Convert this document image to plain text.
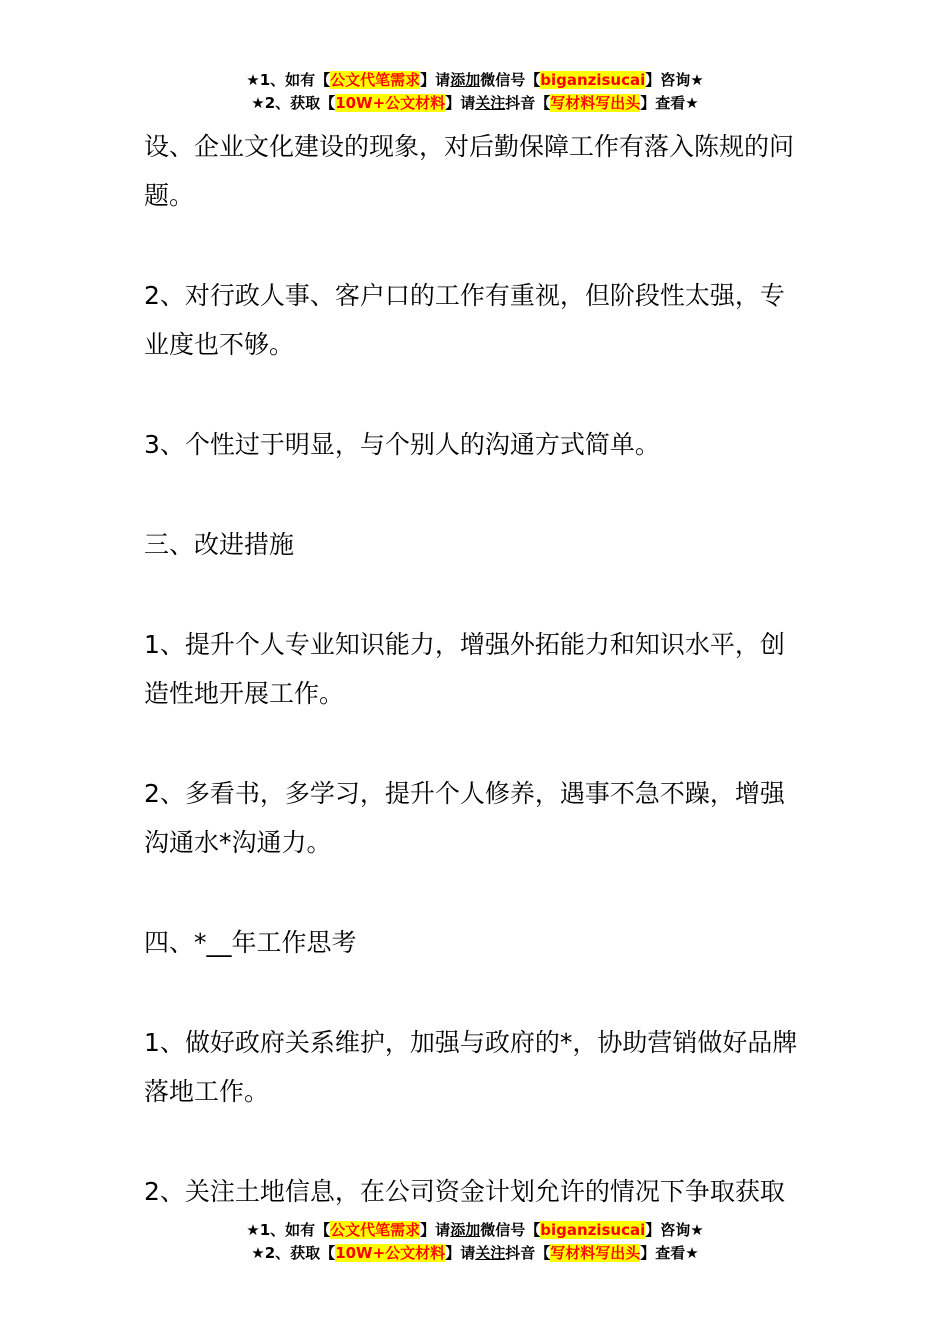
★1、如有【公文代笔需求】请添加微信号【biganzisucai】咨询★
★2、获取【10W+公文材料】请关注抖音【写材料写出头】查看★

设、企业文化建设的现象，对后勤保障工作有落入陈规的问题。

2、对行政人事、客户口的工作有重视，但阶段性太强，专业度也不够。

3、个性过于明显，与个别人的沟通方式简单。

三、改进措施

1、提升个人专业知识能力，增强外拓能力和知识水平，创造性地开展工作。

2、多看书，多学习，提升个人修养，遇事不急不躁，增强沟通水*沟通力。

四、*__年工作思考

1、做好政府关系维护，加强与政府的*，协助营销做好品牌落地工作。

2、关注土地信息，在公司资金计划允许的情况下争取获取

★1、如有【公文代笔需求】请添加微信号【biganzisucai】咨询★
★2、获取【10W+公文材料】请关注抖音【写材料写出头】查看★
